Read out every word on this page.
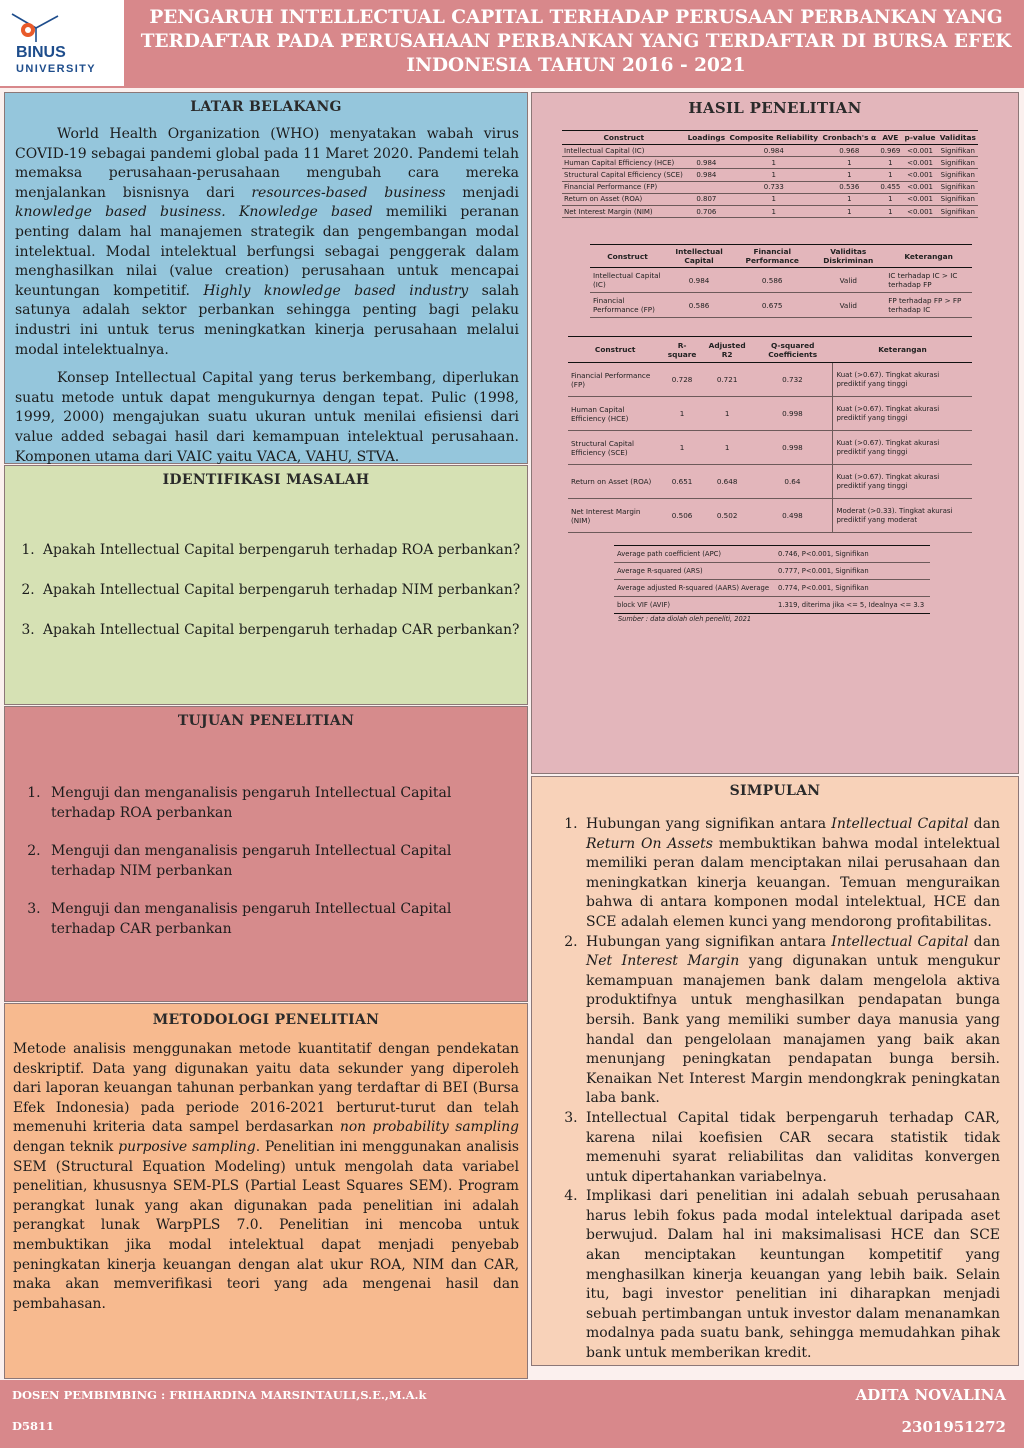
BINUS
UNIVERSITY
PENGARUH INTELLECTUAL CAPITAL TERHADAP PERUSAAN PERBANKAN YANG TERDAFTAR PADA PERUSAHAAN PERBANKAN YANG TERDAFTAR DI BURSA EFEK INDONESIA TAHUN 2016 - 2021
LATAR BELAKANG

World Health Organization (WHO) menyatakan wabah virus COVID-19 sebagai pandemi global pada 11 Maret 2020. Pandemi telah memaksa perusahaan-perusahaan mengubah cara mereka menjalankan bisnisnya dari resources-based business menjadi knowledge based business. Knowledge based memiliki peranan penting dalam hal manajemen strategik dan pengembangan modal intelektual. Modal intelektual berfungsi sebagai penggerak dalam menghasilkan nilai (value creation) perusahaan untuk mencapai keuntungan kompetitif. Highly knowledge based industry salah satunya adalah sektor perbankan sehingga penting bagi pelaku industri ini untuk terus meningkatkan kinerja perusahaan melalui modal intelektualnya.

Konsep Intellectual Capital yang terus berkembang, diperlukan suatu metode untuk dapat mengukurnya dengan tepat. Pulic (1998, 1999, 2000) mengajukan suatu ukuran untuk menilai efisiensi dari value added sebagai hasil dari kemampuan intelektual perusahaan. Komponen utama dari VAIC yaitu VACA, VAHU, STVA.

IDENTIFIKASI MASALAH
1. Apakah Intellectual Capital berpengaruh terhadap ROA perbankan?
2. Apakah Intellectual Capital berpengaruh terhadap NIM perbankan?
3. Apakah Intellectual Capital berpengaruh terhadap CAR perbankan?
TUJUAN PENELITIAN
1. Menguji dan menganalisis pengaruh Intellectual Capital terhadap ROA perbankan
2. Menguji dan menganalisis pengaruh Intellectual Capital terhadap NIM perbankan
3. Menguji dan menganalisis pengaruh Intellectual Capital terhadap CAR perbankan
METODOLOGI PENELITIAN
Metode analisis menggunakan metode kuantitatif dengan pendekatan deskriptif. Data yang digunakan yaitu data sekunder yang diperoleh dari laporan keuangan tahunan perbankan yang terdaftar di BEI (Bursa Efek Indonesia) pada periode 2016-2021 berturut-turut dan telah memenuhi kriteria data sampel berdasarkan non probability sampling dengan teknik purposive sampling. Penelitian ini menggunakan analisis SEM (Structural Equation Modeling) untuk mengolah data variabel penelitian, khususnya SEM-PLS (Partial Least Squares SEM). Program perangkat lunak yang akan digunakan pada penelitian ini adalah perangkat lunak WarpPLS 7.0. Penelitian ini mencoba untuk membuktikan jika modal intelektual dapat menjadi penyebab peningkatan kinerja keuangan dengan alat ukur ROA, NIM dan CAR, maka akan memverifikasi teori yang ada mengenai hasil dan pembahasan.
HASIL PENELITIAN
Construct	Loadings	Composite Reliability	Cronbach's α	AVE	p-value	Validitas
Intellectual Capital (IC)		0.984	0.968	0.969	<0.001	Signifikan
Human Capital Efficiency (HCE)	0.984	1	1	1	<0.001	Signifikan
Structural Capital Efficiency (SCE)	0.984	1	1	1	<0.001	Signifikan
Financial Performance (FP)		0.733	0.536	0.455	<0.001	Signifikan
Return on Asset (ROA)	0.807	1	1	1	<0.001	Signifikan
Net Interest Margin (NIM)	0.706	1	1	1	<0.001	Signifikan
Construct	Intellectual Capital	Financial Performance	Validitas Diskriminan	Keterangan
Intellectual Capital (IC)	0.984	0.586	Valid	IC terhadap IC > IC terhadap FP
Financial Performance (FP)	0.586	0.675	Valid	FP terhadap FP > FP terhadap IC
Construct	R-square	Adjusted R2	Q-squared Coefficients	Keterangan
Financial Performance (FP)	0.728	0.721	0.732	Kuat (>0.67). Tingkat akurasi prediktif yang tinggi
Human Capital Efficiency (HCE)	1	1	0.998	Kuat (>0.67). Tingkat akurasi prediktif yang tinggi
Structural Capital Efficiency (SCE)	1	1	0.998	Kuat (>0.67). Tingkat akurasi prediktif yang tinggi
Return on Asset (ROA)	0.651	0.648	0.64	Kuat (>0.67). Tingkat akurasi prediktif yang tinggi
Net Interest Margin (NIM)	0.506	0.502	0.498	Moderat (>0.33). Tingkat akurasi prediktif yang moderat
Average path coefficient (APC)	0.746, P<0.001, Signifikan
Average R-squared (ARS)	0.777, P<0.001, Signifikan
Average adjusted R-squared (AARS) Average	0.774, P<0.001, Signifikan
block VIF (AVIF)	1.319, diterima jika <= 5, Idealnya <= 3.3
Sumber : data diolah oleh peneliti, 2021
SIMPULAN
1. Hubungan yang signifikan antara Intellectual Capital dan Return On Assets membuktikan bahwa modal intelektual memiliki peran dalam menciptakan nilai perusahaan dan meningkatkan kinerja keuangan. Temuan menguraikan bahwa di antara komponen modal intelektual, HCE dan SCE adalah elemen kunci yang mendorong profitabilitas.
2. Hubungan yang signifikan antara Intellectual Capital dan Net Interest Margin yang digunakan untuk mengukur kemampuan manajemen bank dalam mengelola aktiva produktifnya untuk menghasilkan pendapatan bunga bersih. Bank yang memiliki sumber daya manusia yang handal dan pengelolaan manajamen yang baik akan menunjang peningkatan pendapatan bunga bersih. Kenaikan Net Interest Margin mendongkrak peningkatan laba bank.
3. Intellectual Capital tidak berpengaruh terhadap CAR, karena nilai koefisien CAR secara statistik tidak memenuhi syarat reliabilitas dan validitas konvergen untuk dipertahankan variabelnya.
4. Implikasi dari penelitian ini adalah sebuah perusahaan harus lebih fokus pada modal intelektual daripada aset berwujud. Dalam hal ini maksimalisasi HCE dan SCE akan menciptakan keuntungan kompetitif yang menghasilkan kinerja keuangan yang lebih baik. Selain itu, bagi investor penelitian ini diharapkan menjadi sebuah pertimbangan untuk investor dalam menanamkan modalnya pada suatu bank, sehingga memudahkan pihak bank untuk memberikan kredit.
DOSEN PEMBIMBING : FRIHARDINA MARSINTAULI,S.E.,M.A.k
D5811
ADITA NOVALINA
2301951272
